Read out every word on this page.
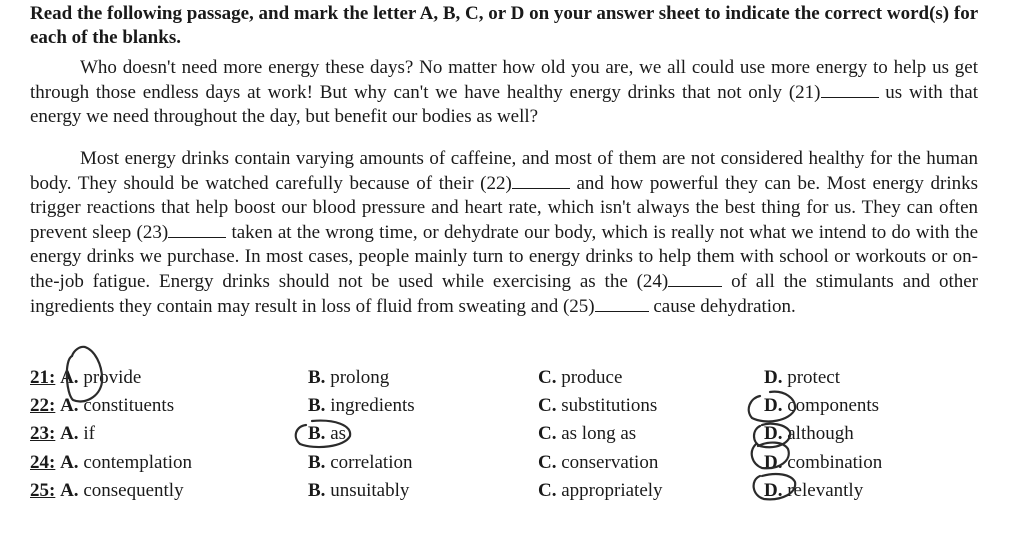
Read the following passage, and mark the letter A, B, C, or D on your answer sheet to indicate the correct word(s) for each of the blanks.

Who doesn't need more energy these days? No matter how old you are, we all could use more energy to help us get through those endless days at work! But why can't we have healthy energy drinks that not only (21)	us with that energy we need throughout the day, but benefit our bodies as well?

Most energy drinks contain varying amounts of caffeine, and most of them are not considered healthy for the human body. They should be watched carefully because of their (22)	and how powerful they can be. Most energy drinks trigger reactions that help boost our blood pressure and heart rate, which isn't always the best thing for us. They can often prevent sleep (23)	taken at the wrong time, or dehydrate our body, which is really not what we intend to do with the energy drinks we purchase. In most cases, people mainly turn to energy drinks to help them with school or workouts or on-the-job fatigue. Energy drinks should not be used while exercising as the (24)	of all the stimulants and other ingredients they contain may result in loss of fluid from sweating and (25)	cause dehydration.

21: A. provide	B. prolong	C. produce	D. protect
22: A. constituents	B. ingredients	C. substitutions	D. components
23: A. if	B. as	C. as long as	D. although
24: A. contemplation	B. correlation	C. conservation	D. combination
25: A. consequently	B. unsuitably	C. appropriately	D. relevantly
